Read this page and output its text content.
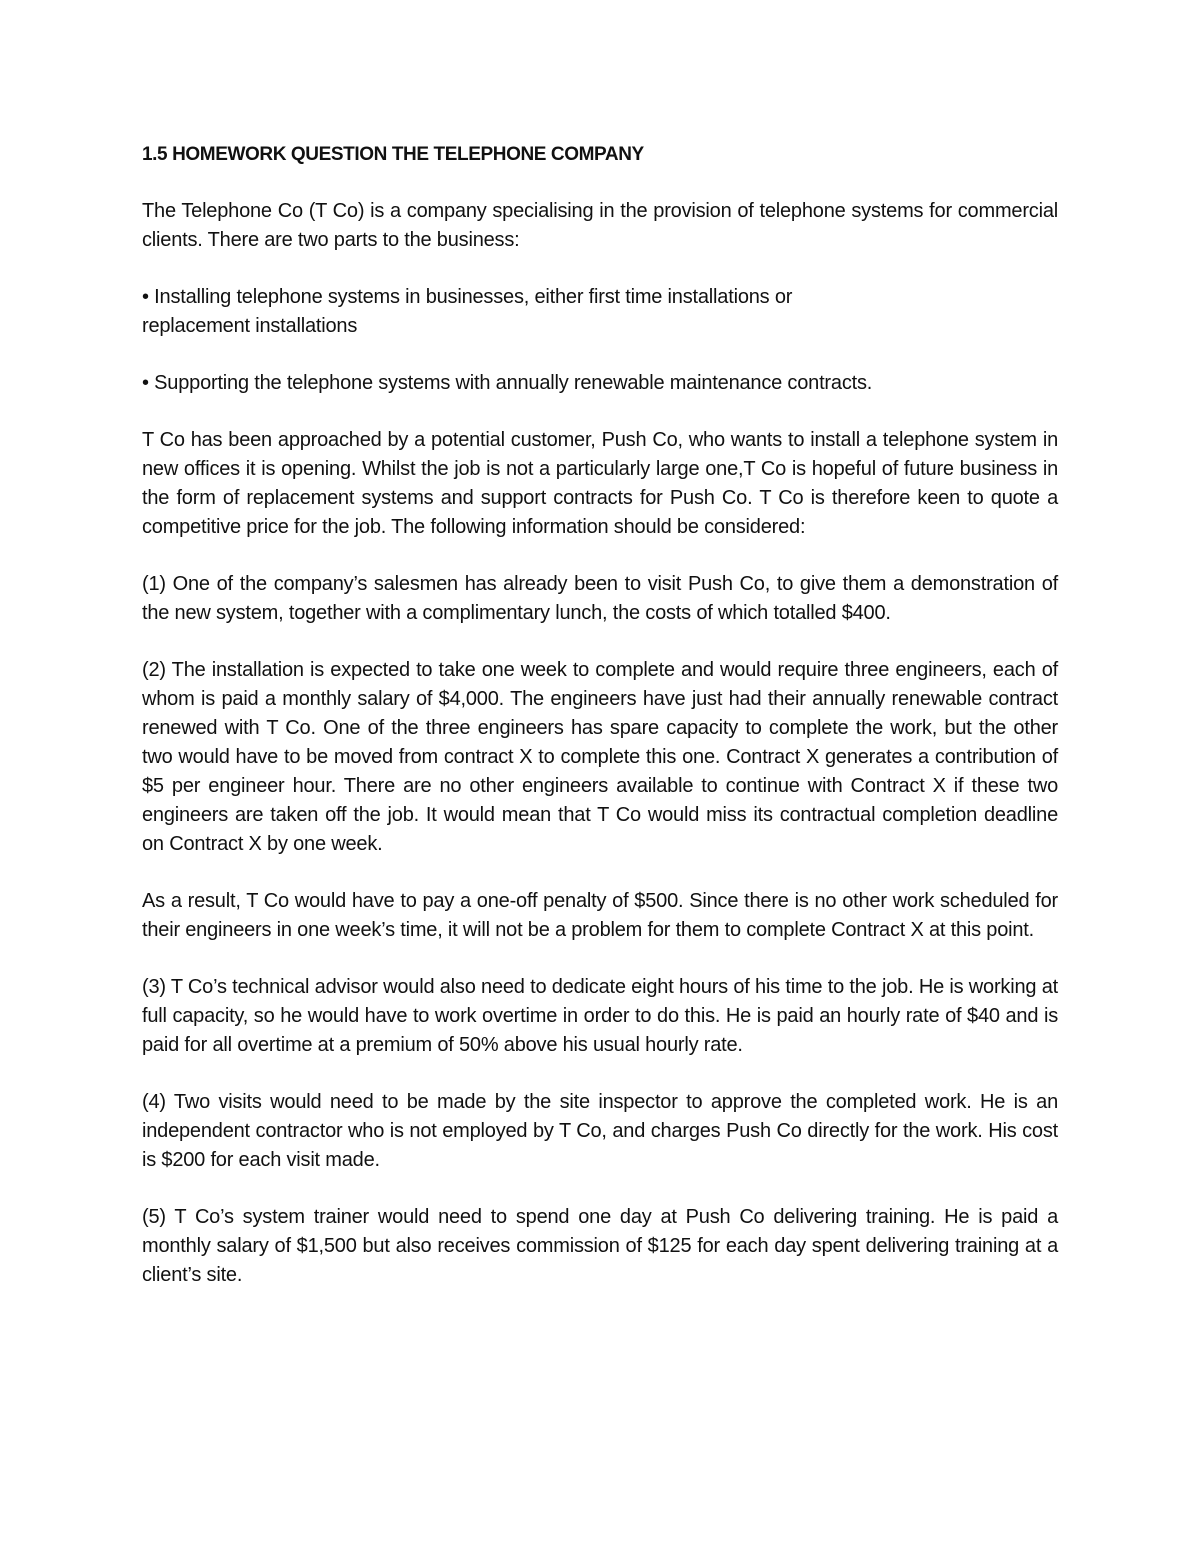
1.5 HOMEWORK QUESTION THE TELEPHONE COMPANY
The Telephone Co (T Co) is a company specialising in the provision of telephone systems for commercial clients. There are two parts to the business:
• Installing telephone systems in businesses, either first time installations or
replacement installations
• Supporting the telephone systems with annually renewable maintenance contracts.
T Co has been approached by a potential customer, Push Co, who wants to install a telephone system in new offices it is opening. Whilst the job is not a particularly large one,T Co is hopeful of future business in the form of replacement systems and support contracts for Push Co. T Co is therefore keen to quote a competitive price for the job. The following information should be considered:
(1) One of the company’s salesmen has already been to visit Push Co, to give them a demonstration of the new system, together with a complimentary lunch, the costs of which totalled $400.
(2) The installation is expected to take one week to complete and would require three engineers, each of whom is paid a monthly salary of $4,000. The engineers have just had their annually renewable contract renewed with T Co. One of the three engineers has spare capacity to complete the work, but the other two would have to be moved from contract X to complete this one. Contract X generates a contribution of $5 per engineer hour. There are no other engineers available to continue with Contract X if these two engineers are taken off the job. It would mean that T Co would miss its contractual completion deadline on Contract X by one week.
As a result, T Co would have to pay a one-off penalty of $500. Since there is no other work scheduled for their engineers in one week’s time, it will not be a problem for them to complete Contract X at this point.
(3) T Co’s technical advisor would also need to dedicate eight hours of his time to the job. He is working at full capacity, so he would have to work overtime in order to do this. He is paid an hourly rate of $40 and is paid for all overtime at a premium of 50% above his usual hourly rate.
(4) Two visits would need to be made by the site inspector to approve the completed work. He is an independent contractor who is not employed by T Co, and charges Push Co directly for the work. His cost is $200 for each visit made.
(5) T Co’s system trainer would need to spend one day at Push Co delivering training. He is paid a monthly salary of $1,500 but also receives commission of $125 for each day spent delivering training at a client’s site.
